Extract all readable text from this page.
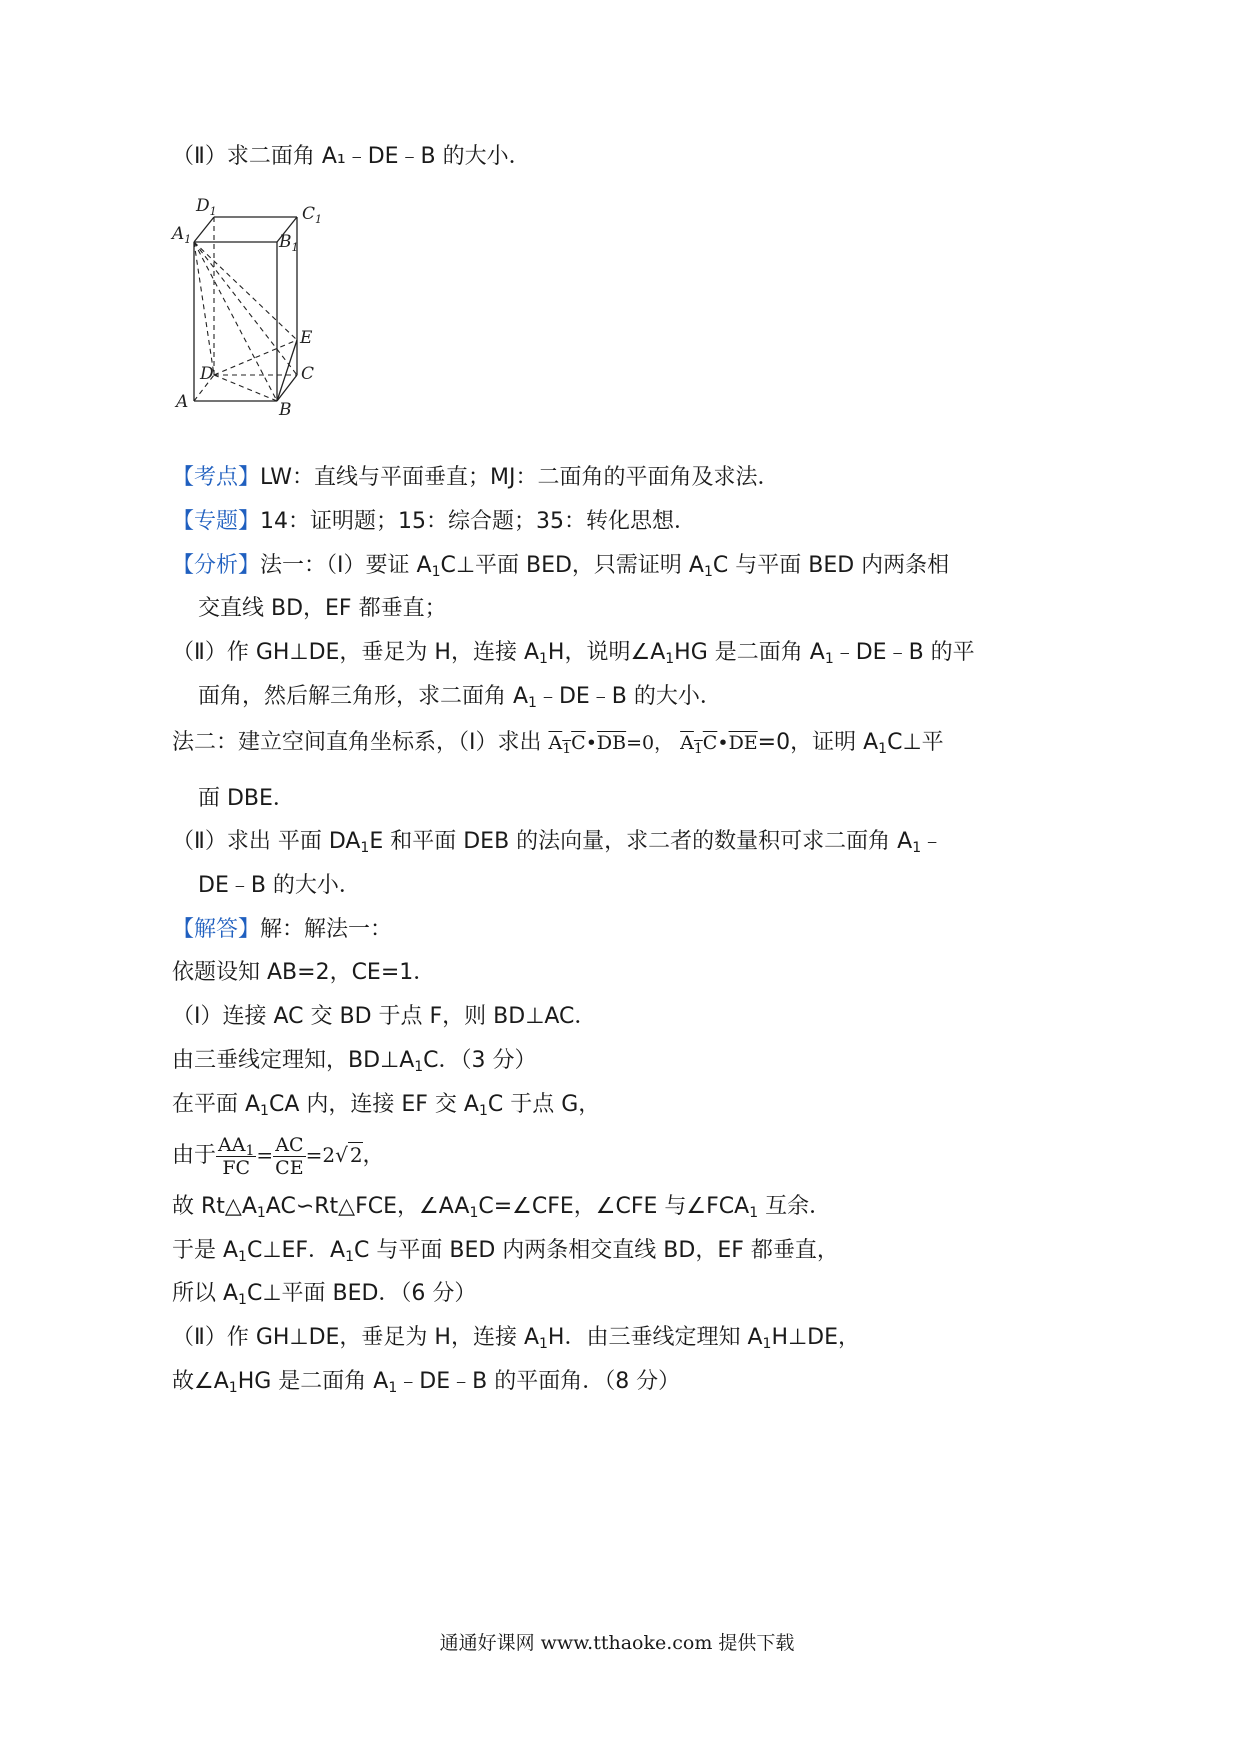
（Ⅱ）求二面角 A₁﹣DE﹣B 的大小．
$D_1$	$C_1$
$A_1$	$B_1$
E
D	C
A	B
【考点】LW：直线与平面垂直；MJ：二面角的平面角及求法．
【专题】14：证明题；15：综合题；35：转化思想．
【分析】法一：（Ⅰ）要证 $A_1C\perp$平面 BED，只需证明 $A_1C$ 与平面 BED 内两条相
交直线 BD，EF 都垂直；
（Ⅱ）作 GH⊥DE，垂足为 H，连接 $A_1H$，说明$\angle A_1HG$ 是二面角 $A_1﹣DE﹣B$ 的平
面角，然后解三角形，求二面角 $A_1﹣DE﹣B$ 的大小．
法二：建立空间直角坐标系，（Ⅰ）求出 $A_1C•\overline{DB}=0$， $A_1C•\overline{DE}=0$，证明 $A_1C\perp$平
面 DBE．
（Ⅱ）求出 平面 $DA_1E$ 和平面 DEB 的法向量，求二者的数量积可求二面角 $A_1﹣$
DE﹣B 的大小．
【解答】解：解法一：
依题设知 AB=2，CE=1．
（Ⅰ）连接 AC 交 BD 于点 F，则 BD⊥AC．
由三垂线定理知，$BD\perp A_1C$．（3 分）
在平面 $A_1CA$ 内，连接 EF 交 $A_1C$ 于点 G，
由于 $\frac{AA_1}{FC} = \frac{AC}{CE} =2√$ 2，
故 $Rt\triangle A_1AC∽Rt\triangle FCE$，$\angle AA_1C=\angle CFE$，∠CFE 与$\angle FCA_1$ 互余．
于是 $A_1C\perp EF$．$A_1C$ 与平面 BED 内两条相交直线 BD，EF 都垂直，
所以 $A_1C\perp$平面 BED．（6 分）
（Ⅱ）作 GH⊥DE，垂足为 H，连接 $A_1H$．由三垂线定理知 $A_1H\perp DE$，
故$\angle A_1HG$ 是二面角 $A_1﹣DE﹣B$ 的平面角．（8 分）
通通好课网 www.tthaoke.com 提供下载
